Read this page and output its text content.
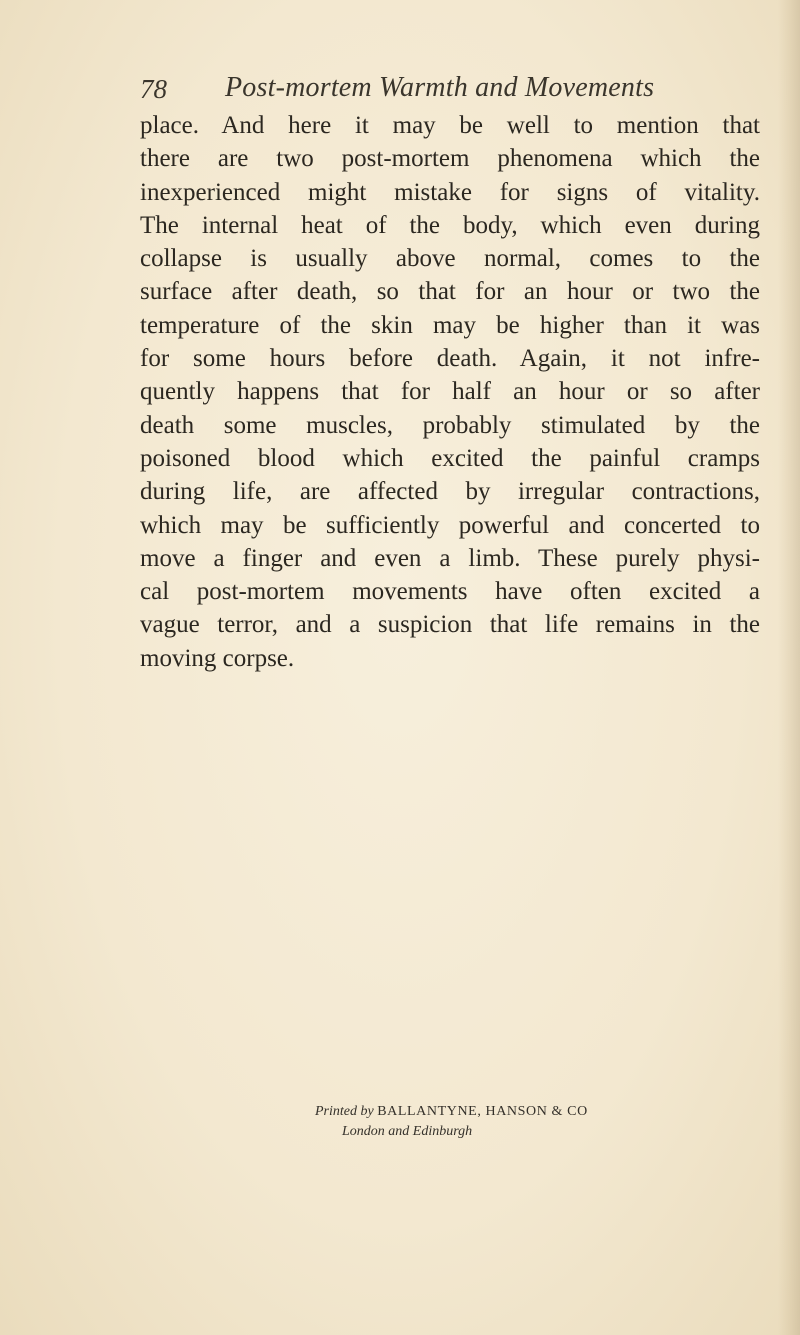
78 Post-mortem Warmth and Movements
place. And here it may be well to mention that
there are two post-mortem phenomena which the
inexperienced might mistake for signs of vitality.
The internal heat of the body, which even during
collapse is usually above normal, comes to the
surface after death, so that for an hour or two the
temperature of the skin may be higher than it was
for some hours before death. Again, it not infre-
quently happens that for half an hour or so after
death some muscles, probably stimulated by the
poisoned blood which excited the painful cramps
during life, are affected by irregular contractions,
which may be sufficiently powerful and concerted to
move a finger and even a limb. These purely physi-
cal post-mortem movements have often excited a
vague terror, and a suspicion that life remains in the
moving corpse.
Printed by BALLANTYNE, HANSON & CO
London and Edinburgh
